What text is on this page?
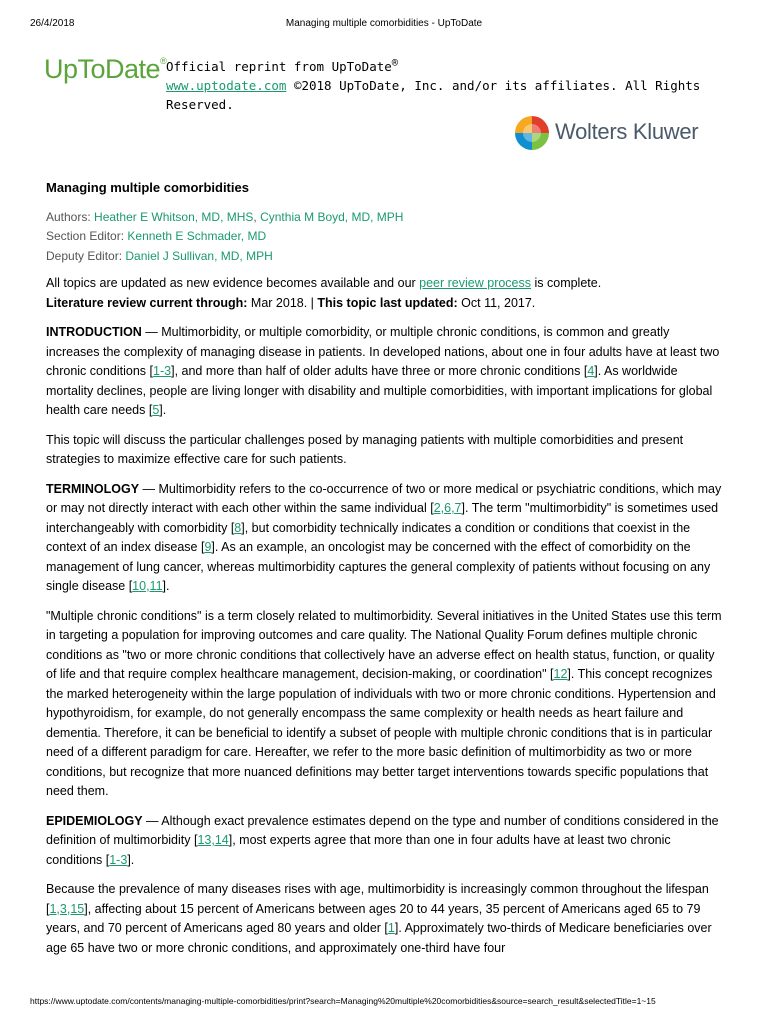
26/4/2018	Managing multiple comorbidities - UpToDate
UpToDate® Official reprint from UpToDate®
www.uptodate.com ©2018 UpToDate, Inc. and/or its affiliates. All Rights Reserved.
Wolters Kluwer
Managing multiple comorbidities
Authors: Heather E Whitson, MD, MHS, Cynthia M Boyd, MD, MPH
Section Editor: Kenneth E Schmader, MD
Deputy Editor: Daniel J Sullivan, MD, MPH

All topics are updated as new evidence becomes available and our peer review process is complete.
Literature review current through: Mar 2018. | This topic last updated: Oct 11, 2017.

INTRODUCTION — Multimorbidity, or multiple comorbidity, or multiple chronic conditions, is common and greatly increases the complexity of managing disease in patients. In developed nations, about one in four adults have at least two chronic conditions [1-3], and more than half of older adults have three or more chronic conditions [4]. As worldwide mortality declines, people are living longer with disability and multiple comorbidities, with important implications for global health care needs [5].

This topic will discuss the particular challenges posed by managing patients with multiple comorbidities and present strategies to maximize effective care for such patients.

TERMINOLOGY — Multimorbidity refers to the co-occurrence of two or more medical or psychiatric conditions, which may or may not directly interact with each other within the same individual [2,6,7]. The term "multimorbidity" is sometimes used interchangeably with comorbidity [8], but comorbidity technically indicates a condition or conditions that coexist in the context of an index disease [9]. As an example, an oncologist may be concerned with the effect of comorbidity on the management of lung cancer, whereas multimorbidity captures the general complexity of patients without focusing on any single disease [10,11].

"Multiple chronic conditions" is a term closely related to multimorbidity. Several initiatives in the United States use this term in targeting a population for improving outcomes and care quality. The National Quality Forum defines multiple chronic conditions as "two or more chronic conditions that collectively have an adverse effect on health status, function, or quality of life and that require complex healthcare management, decision-making, or coordination" [12]. This concept recognizes the marked heterogeneity within the large population of individuals with two or more chronic conditions. Hypertension and hypothyroidism, for example, do not generally encompass the same complexity or health needs as heart failure and dementia. Therefore, it can be beneficial to identify a subset of people with multiple chronic conditions that is in particular need of a different paradigm for care. Hereafter, we refer to the more basic definition of multimorbidity as two or more conditions, but recognize that more nuanced definitions may better target interventions towards specific populations that need them.

EPIDEMIOLOGY — Although exact prevalence estimates depend on the type and number of conditions considered in the definition of multimorbidity [13,14], most experts agree that more than one in four adults have at least two chronic conditions [1-3].

Because the prevalence of many diseases rises with age, multimorbidity is increasingly common throughout the lifespan [1,3,15], affecting about 15 percent of Americans between ages 20 to 44 years, 35 percent of Americans aged 65 to 79 years, and 70 percent of Americans aged 80 years and older [1]. Approximately two-thirds of Medicare beneficiaries over age 65 have two or more chronic conditions, and approximately one-third have four

https://www.uptodate.com/contents/managing-multiple-comorbidities/print?search=Managing%20multiple%20comorbidities&source=search_result&selectedTitle=1~15
